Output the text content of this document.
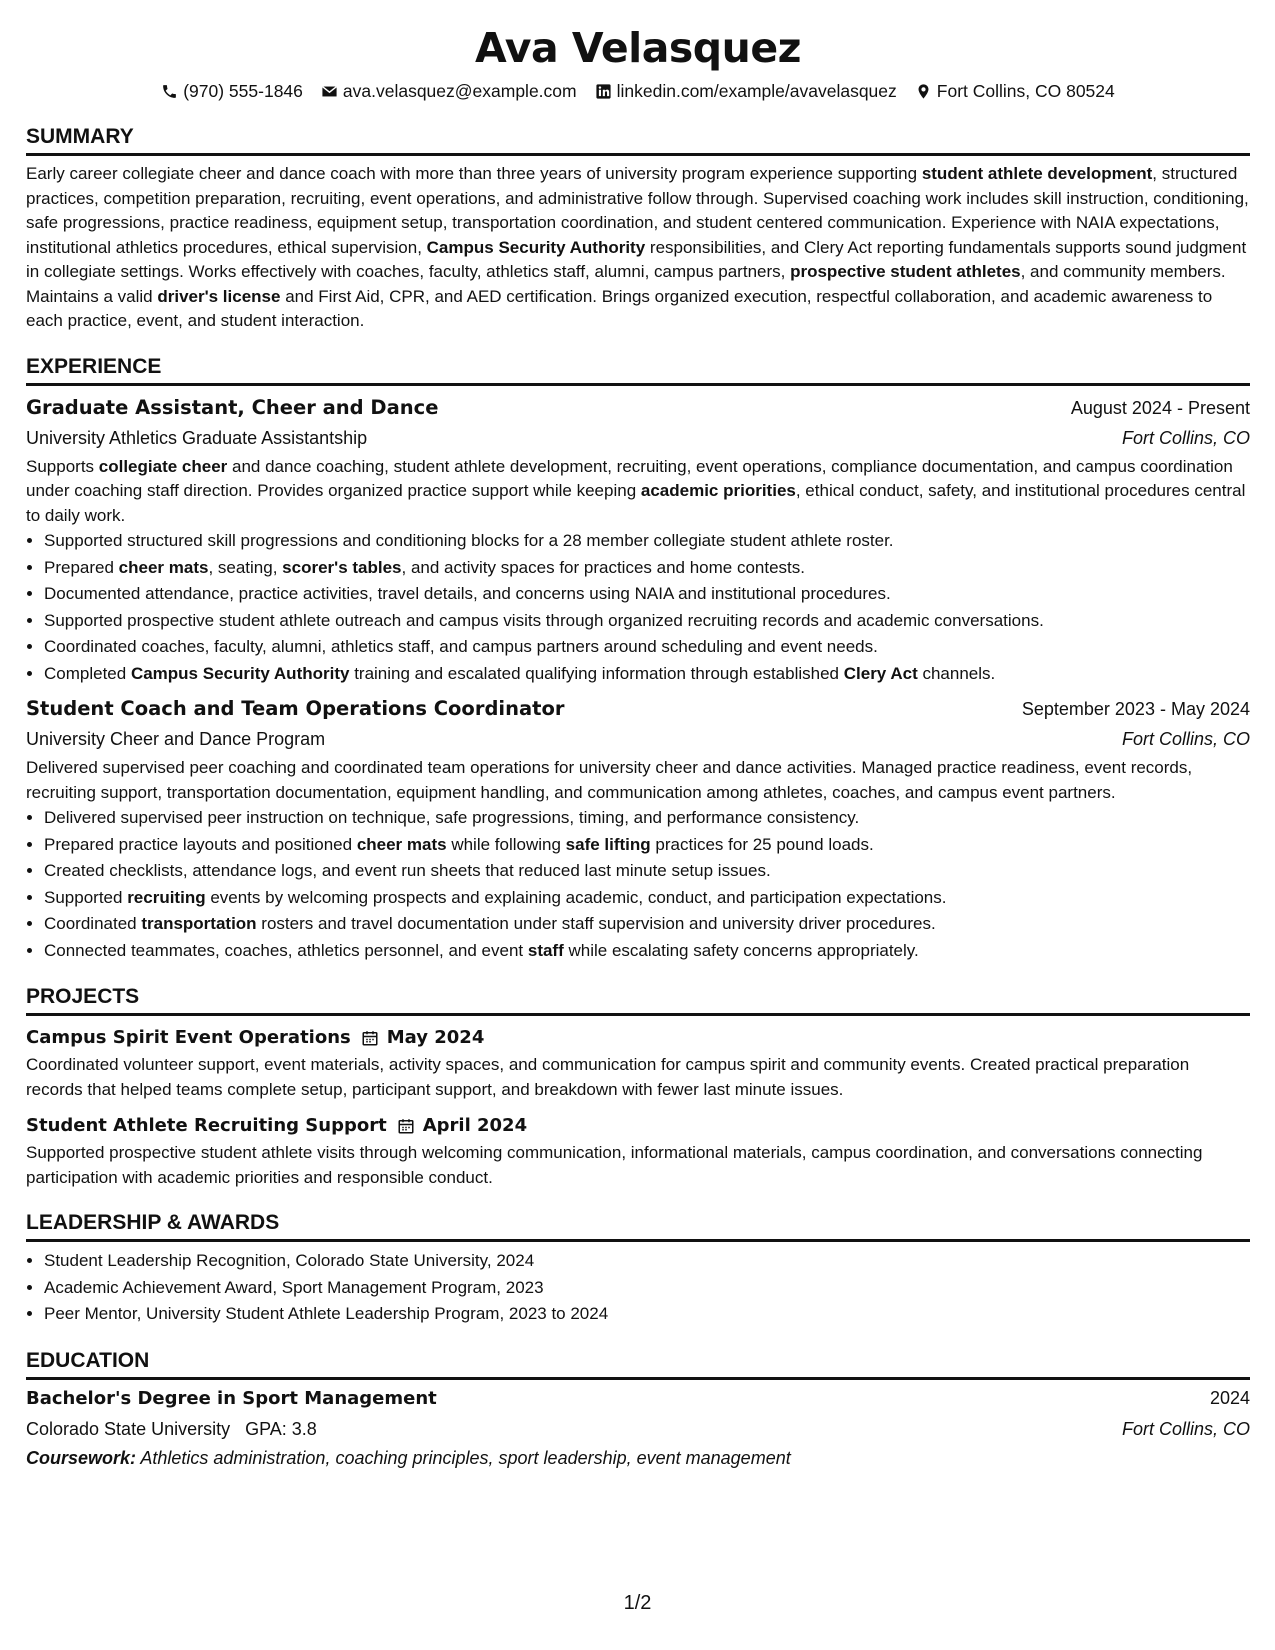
Ava Velasquez
(970) 555-1846 ava.velasquez@example.com linkedin.com/example/avavelasquez Fort Collins, CO 80524
SUMMARY
Early career collegiate cheer and dance coach with more than three years of university program experience supporting student athlete development, structured practices, competition preparation, recruiting, event operations, and administrative follow through. Supervised coaching work includes skill instruction, conditioning, safe progressions, practice readiness, equipment setup, transportation coordination, and student centered communication. Experience with NAIA expectations, institutional athletics procedures, ethical supervision, Campus Security Authority responsibilities, and Clery Act reporting fundamentals supports sound judgment in collegiate settings. Works effectively with coaches, faculty, athletics staff, alumni, campus partners, prospective student athletes, and community members. Maintains a valid driver's license and First Aid, CPR, and AED certification. Brings organized execution, respectful collaboration, and academic awareness to each practice, event, and student interaction.
EXPERIENCE
Graduate Assistant, Cheer and Dance	August 2024 - Present
University Athletics Graduate Assistantship	Fort Collins, CO
Supports collegiate cheer and dance coaching, student athlete development, recruiting, event operations, compliance documentation, and campus coordination under coaching staff direction. Provides organized practice support while keeping academic priorities, ethical conduct, safety, and institutional procedures central to daily work.
• Supported structured skill progressions and conditioning blocks for a 28 member collegiate student athlete roster.
• Prepared cheer mats, seating, scorer's tables, and activity spaces for practices and home contests.
• Documented attendance, practice activities, travel details, and concerns using NAIA and institutional procedures.
• Supported prospective student athlete outreach and campus visits through organized recruiting records and academic conversations.
• Coordinated coaches, faculty, alumni, athletics staff, and campus partners around scheduling and event needs.
• Completed Campus Security Authority training and escalated qualifying information through established Clery Act channels.
Student Coach and Team Operations Coordinator	September 2023 - May 2024
University Cheer and Dance Program	Fort Collins, CO
Delivered supervised peer coaching and coordinated team operations for university cheer and dance activities. Managed practice readiness, event records, recruiting support, transportation documentation, equipment handling, and communication among athletes, coaches, and campus event partners.
• Delivered supervised peer instruction on technique, safe progressions, timing, and performance consistency.
• Prepared practice layouts and positioned cheer mats while following safe lifting practices for 25 pound loads.
• Created checklists, attendance logs, and event run sheets that reduced last minute setup issues.
• Supported recruiting events by welcoming prospects and explaining academic, conduct, and participation expectations.
• Coordinated transportation rosters and travel documentation under staff supervision and university driver procedures.
• Connected teammates, coaches, athletics personnel, and event staff while escalating safety concerns appropriately.
PROJECTS
Campus Spirit Event Operations May 2024
Coordinated volunteer support, event materials, activity spaces, and communication for campus spirit and community events. Created practical preparation records that helped teams complete setup, participant support, and breakdown with fewer last minute issues.
Student Athlete Recruiting Support April 2024
Supported prospective student athlete visits through welcoming communication, informational materials, campus coordination, and conversations connecting participation with academic priorities and responsible conduct.
LEADERSHIP & AWARDS
• Student Leadership Recognition, Colorado State University, 2024
• Academic Achievement Award, Sport Management Program, 2023
• Peer Mentor, University Student Athlete Leadership Program, 2023 to 2024
EDUCATION
Bachelor's Degree in Sport Management	2024
Colorado State University GPA: 3.8	Fort Collins, CO
Coursework: Athletics administration, coaching principles, sport leadership, event management
1/2
